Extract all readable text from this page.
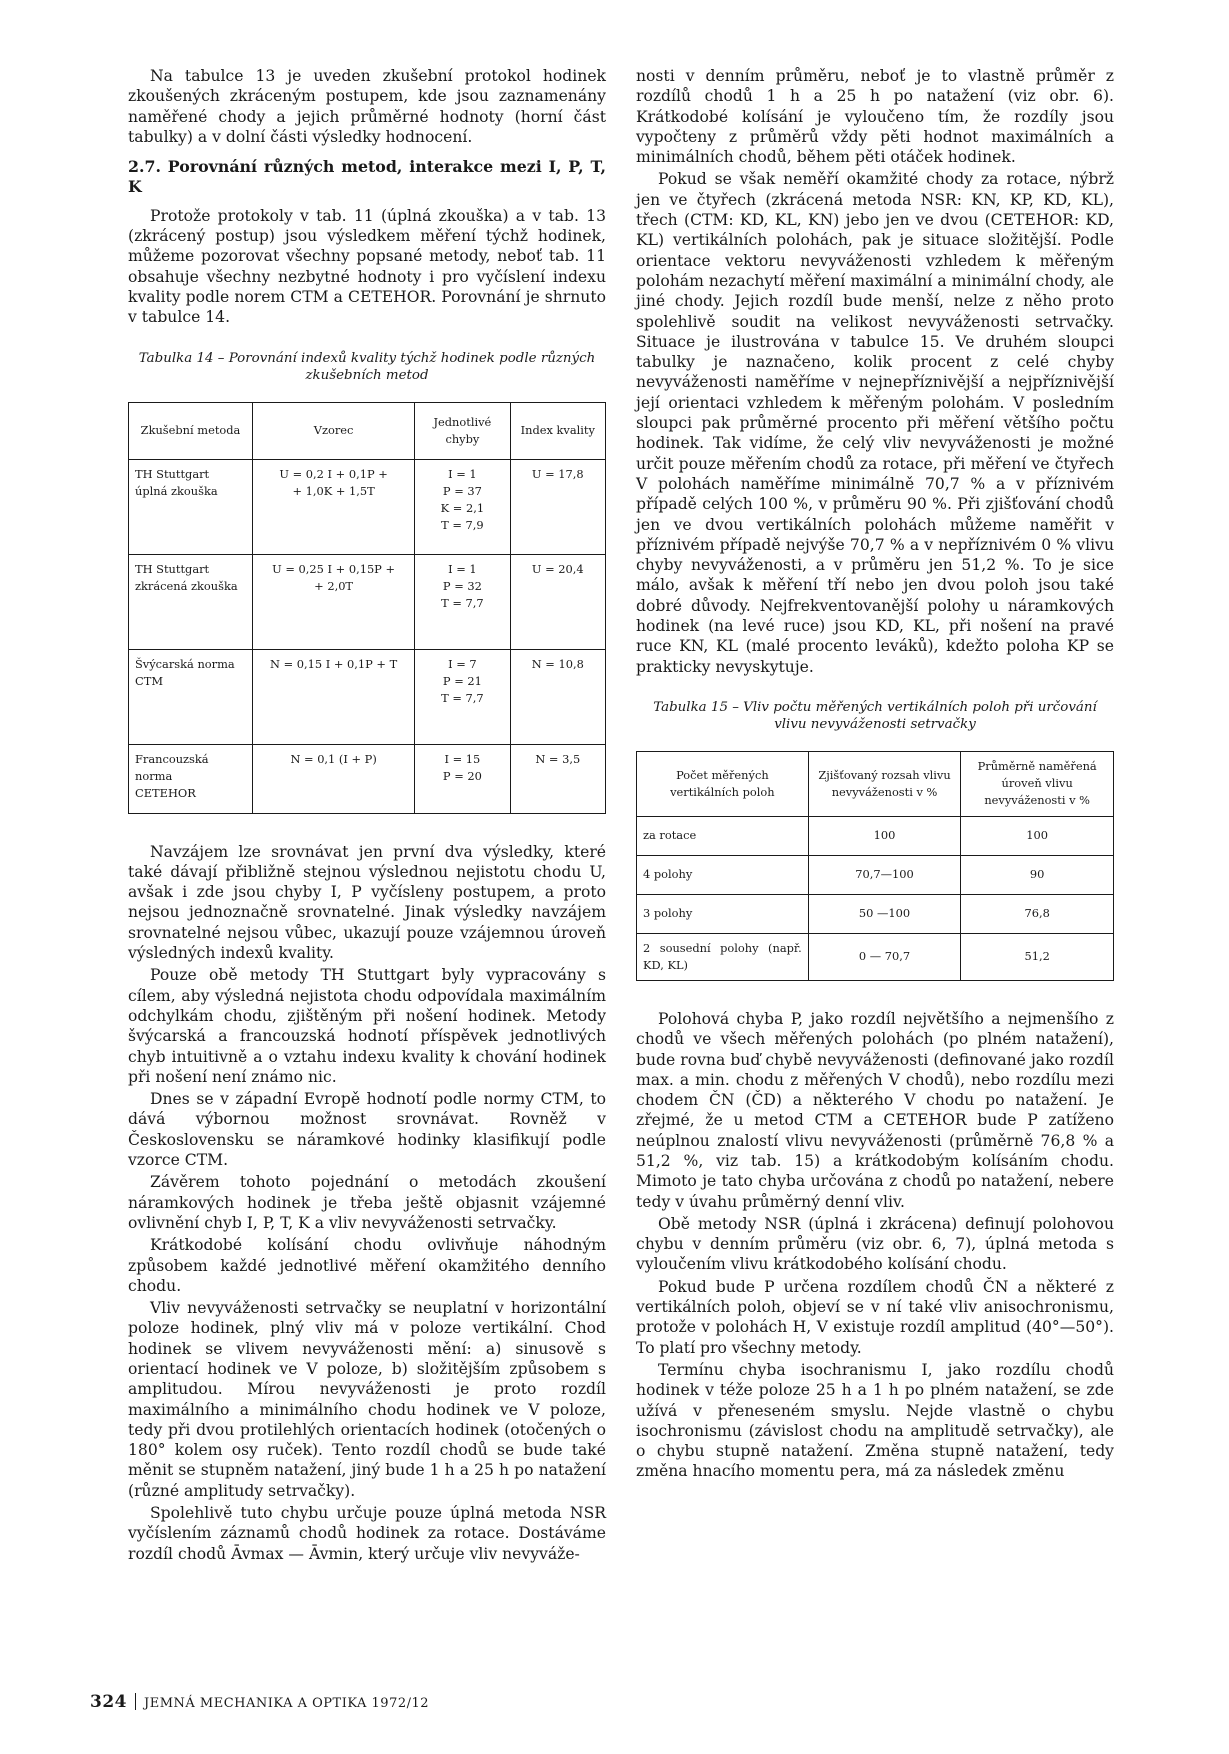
Na tabulce 13 je uveden zkušební protokol hodinek zkoušených zkráceným postupem, kde jsou zaznamenány naměřené chody a jejich průměrné hodnoty (horní část tabulky) a v dolní části výsledky hodnocení.

2.7. Porovnání různých metod, interakce mezi I, P, T, K

Protože protokoly v tab. 11 (úplná zkouška) a v tab. 13 (zkrácený postup) jsou výsledkem měření týchž hodinek, můžeme pozorovat všechny popsané metody, neboť tab. 11 obsahuje všechny nezbytné hodnoty i pro vyčíslení indexu kvality podle norem CTM a CETEHOR. Porovnání je shrnuto v tabulce 14.

Tabulka 14 – Porovnání indexů kvality týchž hodinek podle různých zkušebních metod
Zkušební metoda	Vzorec	Jednotlivé chyby	Index kvality
TH Stuttgart
úplná zkouška	U = 0,2 I + 0,1P +
+ 1,0K + 1,5T	I = 1
P = 37
K = 2,1
T = 7,9	U = 17,8
TH Stuttgart
zkrácená zkouška	U = 0,25 I + 0,15P +
+ 2,0T	I = 1
P = 32
T = 7,7	U = 20,4
Švýcarská norma
CTM	N = 0,15 I + 0,1P + T	I = 7
P = 21
T = 7,7	N = 10,8
Francouzská norma
CETEHOR	N = 0,1 (I + P)	I = 15
P = 20	N = 3,5

Navzájem lze srovnávat jen první dva výsledky, které také dávají přibližně stejnou výslednou nejistotu chodu U, avšak i zde jsou chyby I, P vyčísleny postupem, a proto nejsou jednoznačně srovnatelné. Jinak výsledky navzájem srovnatelné nejsou vůbec, ukazují pouze vzájemnou úroveň výsledných indexů kvality.

Pouze obě metody TH Stuttgart byly vypracovány s cílem, aby výsledná nejistota chodu odpovídala maximálním odchylkám chodu, zjištěným při nošení hodinek. Metody švýcarská a francouzská hodnotí příspěvek jednotlivých chyb intuitivně a o vztahu indexu kvality k chování hodinek při nošení není známo nic.

Dnes se v západní Evropě hodnotí podle normy CTM, to dává výbornou možnost srovnávat. Rovněž v Československu se náramkové hodinky klasifikují podle vzorce CTM.

Závěrem tohoto pojednání o metodách zkoušení náramkových hodinek je třeba ještě objasnit vzájemné ovlivnění chyb I, P, T, K a vliv nevyváženosti setrvačky.

Krátkodobé kolísání chodu ovlivňuje náhodným způsobem každé jednotlivé měření okamžitého denního chodu.

Vliv nevyváženosti setrvačky se neuplatní v horizontální poloze hodinek, plný vliv má v poloze vertikální. Chod hodinek se vlivem nevyváženosti mění: a) sinusově s orientací hodinek ve V poloze, b) složitějším způsobem s amplitudou. Mírou nevyváženosti je proto rozdíl maximálního a minimálního chodu hodinek ve V poloze, tedy při dvou protilehlých orientacích hodinek (otočených o 180° kolem osy ruček). Tento rozdíl chodů se bude také měnit se stupněm natažení, jiný bude 1 h a 25 h po natažení (různé amplitudy setrvačky).

Spolehlivě tuto chybu určuje pouze úplná metoda NSR vyčíslením záznamů chodů hodinek za rotace. Dostáváme rozdíl chodů Āvmax — Āvmin, který určuje vliv nevyváže-

nosti v denním průměru, neboť je to vlastně průměr z rozdílů chodů 1 h a 25 h po natažení (viz obr. 6). Krátkodobé kolísání je vyloučeno tím, že rozdíly jsou vypočteny z průměrů vždy pěti hodnot maximálních a minimálních chodů, během pěti otáček hodinek.

Pokud se však neměří okamžité chody za rotace, nýbrž jen ve čtyřech (zkrácená metoda NSR: KN, KP, KD, KL), třech (CTM: KD, KL, KN) jebo jen ve dvou (CETEHOR: KD, KL) vertikálních polohách, pak je situace složitější. Podle orientace vektoru nevyváženosti vzhledem k měřeným polohám nezachytí měření maximální a minimální chody, ale jiné chody. Jejich rozdíl bude menší, nelze z něho proto spolehlivě soudit na velikost nevyváženosti setrvačky. Situace je ilustrována v tabulce 15. Ve druhém sloupci tabulky je naznačeno, kolik procent z celé chyby nevyváženosti naměříme v nejnepříznivější a nejpříznivější její orientaci vzhledem k měřeným polohám. V posledním sloupci pak průměrné procento při měření většího počtu hodinek. Tak vidíme, že celý vliv nevyváženosti je možné určit pouze měřením chodů za rotace, při měření ve čtyřech V polohách naměříme minimálně 70,7 % a v příznivém případě celých 100 %, v průměru 90 %. Při zjišťování chodů jen ve dvou vertikálních polohách můžeme naměřit v příznivém případě nejvýše 70,7 % a v nepříznivém 0 % vlivu chyby nevyváženosti, a v průměru jen 51,2 %. To je sice málo, avšak k měření tří nebo jen dvou poloh jsou také dobré důvody. Nejfrekventovanější polohy u náramkových hodinek (na levé ruce) jsou KD, KL, při nošení na pravé ruce KN, KL (malé procento leváků), kdežto poloha KP se prakticky nevyskytuje.

Tabulka 15 – Vliv počtu měřených vertikálních poloh při určování vlivu nevyváženosti setrvačky
Počet měřených vertikálních poloh	Zjišťovaný rozsah vlivu nevyváženosti v %	Průměrně naměřená úroveň vlivu nevyváženosti v %
za rotace	100	100
4 polohy	70,7—100	90
3 polohy	50 —100	76,8
2 sousední polohy (např. KD, KL)	0 — 70,7	51,2

Polohová chyba P, jako rozdíl největšího a nejmenšího z chodů ve všech měřených polohách (po plném natažení), bude rovna buď chybě nevyváženosti (definované jako rozdíl max. a min. chodu z měřených V chodů), nebo rozdílu mezi chodem ČN (ČD) a některého V chodu po natažení. Je zřejmé, že u metod CTM a CETEHOR bude P zatíženo neúplnou znalostí vlivu nevyváženosti (průměrně 76,8 % a 51,2 %, viz tab. 15) a krátkodobým kolísáním chodu. Mimoto je tato chyba určována z chodů po natažení, nebere tedy v úvahu průměrný denní vliv.

Obě metody NSR (úplná i zkrácena) definují polohovou chybu v denním průměru (viz obr. 6, 7), úplná metoda s vyloučením vlivu krátkodobého kolísání chodu.

Pokud bude P určena rozdílem chodů ČN a některé z vertikálních poloh, objeví se v ní také vliv anisochronismu, protože v polohách H, V existuje rozdíl amplitud (40°—50°). To platí pro všechny metody.

Termínu chyba isochranismu I, jako rozdílu chodů hodinek v téže poloze 25 h a 1 h po plném natažení, se zde užívá v přeneseném smyslu. Nejde vlastně o chybu isochronismu (závislost chodu na amplitudě setrvačky), ale o chybu stupně natažení. Změna stupně natažení, tedy změna hnacího momentu pera, má za následek změnu

324 JEMNÁ MECHANIKA A OPTIKA 1972/12
